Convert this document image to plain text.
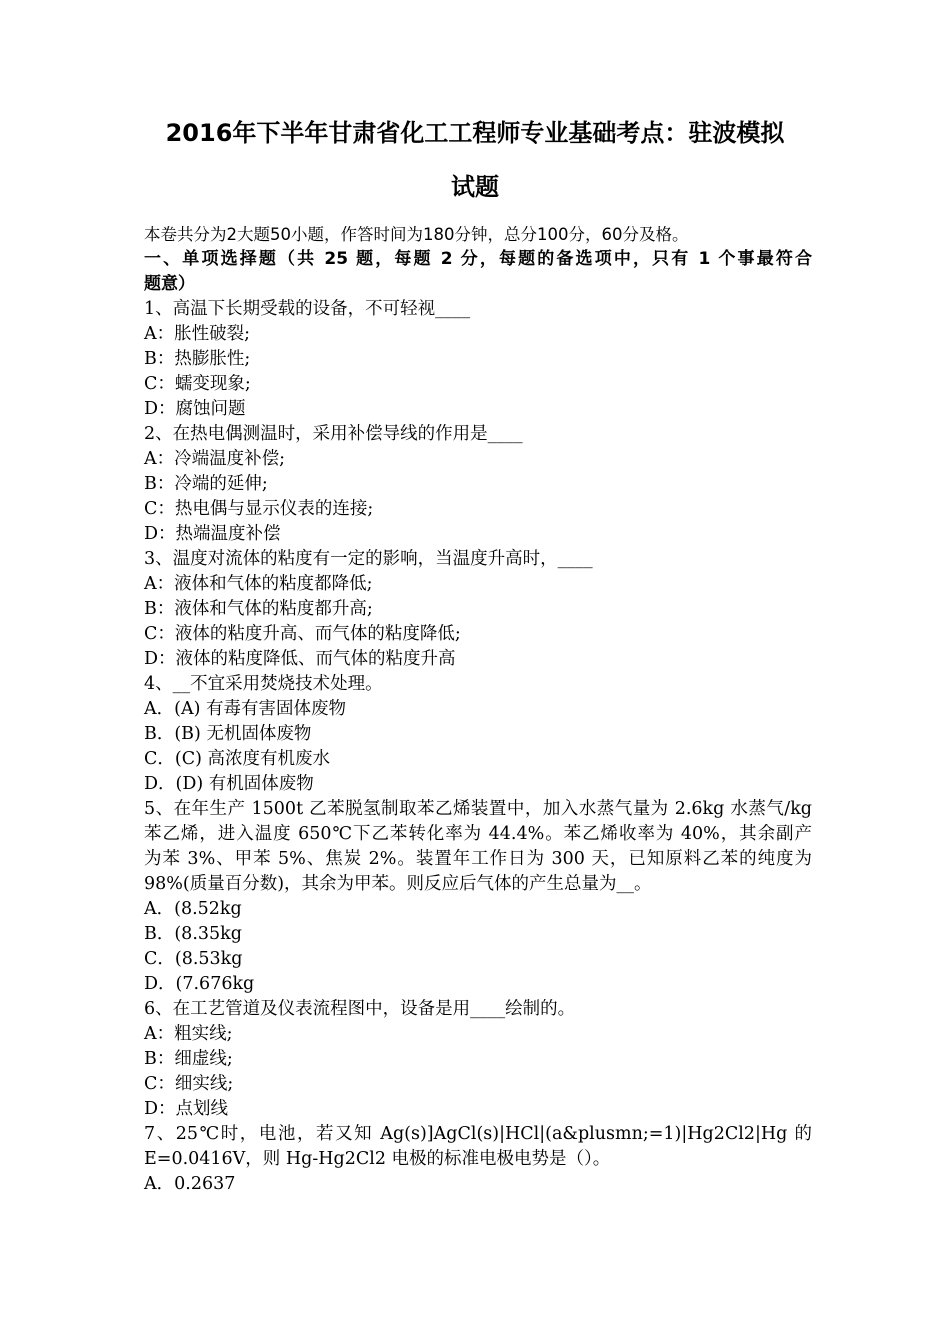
2016年下半年甘肃省化工工程师专业基础考点：驻波模拟
试题
本卷共分为2大题50小题，作答时间为180分钟，总分100分，60分及格。
一、单项选择题（共 25 题，每题 2 分，每题的备选项中，只有 1 个事最符合
题意）
1、高温下长期受载的设备，不可轻视____
A：胀性破裂;
B：热膨胀性;
C：蠕变现象;
D：腐蚀问题
2、在热电偶测温时，采用补偿导线的作用是____
A：冷端温度补偿;
B：冷端的延伸;
C：热电偶与显示仪表的连接;
D：热端温度补偿
3、温度对流体的粘度有一定的影响，当温度升高时，____
A：液体和气体的粘度都降低;
B：液体和气体的粘度都升高;
C：液体的粘度升高、而气体的粘度降低;
D：液体的粘度降低、而气体的粘度升高
4、__不宜采用焚烧技术处理。
A．(A) 有毒有害固体废物
B．(B) 无机固体废物
C．(C) 高浓度有机废水
D．(D) 有机固体废物
5、在年生产 1500t 乙苯脱氢制取苯乙烯装置中，加入水蒸气量为 2.6kg 水蒸气/kg
苯乙烯，进入温度 650℃下乙苯转化率为 44.4%。苯乙烯收率为 40%，其余副产
为苯 3%、甲苯 5%、焦炭 2%。装置年工作日为 300 天，已知原料乙苯的纯度为
98%(质量百分数)，其余为甲苯。则反应后气体的产生总量为__。
A．(8.52kg
B．(8.35kg
C．(8.53kg
D．(7.676kg
6、在工艺管道及仪表流程图中，设备是用____绘制的。
A：粗实线;
B：细虚线;
C：细实线;
D：点划线
7、25℃时，电池，若又知 Ag(s)]AgCl(s)|HCl|(a&plusmn;=1)|Hg2Cl2|Hg 的
E=0.0416V，则 Hg-Hg2Cl2 电极的标准电极电势是（）。
A．0.2637
